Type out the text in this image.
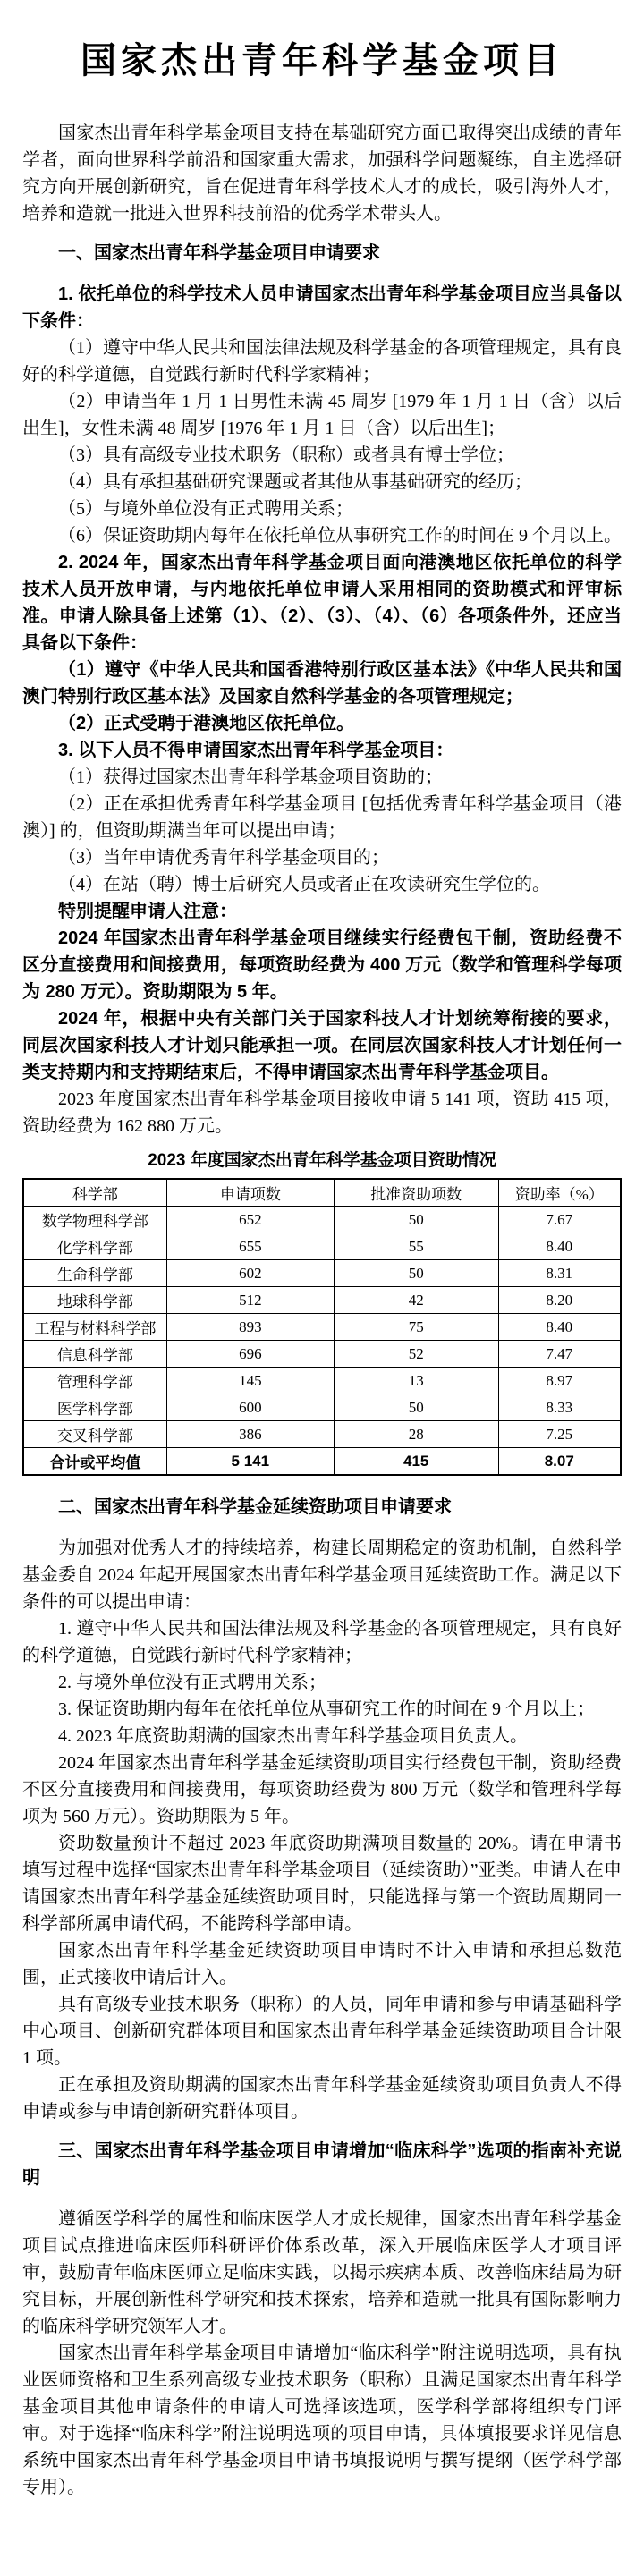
国家杰出青年科学基金项目

国家杰出青年科学基金项目支持在基础研究方面已取得突出成绩的青年学者，面向世界科学前沿和国家重大需求，加强科学问题凝练，自主选择研究方向开展创新研究，旨在促进青年科学技术人才的成长，吸引海外人才，培养和造就一批进入世界科技前沿的优秀学术带头人。

一、国家杰出青年科学基金项目申请要求

1. 依托单位的科学技术人员申请国家杰出青年科学基金项目应当具备以下条件：

（1）遵守中华人民共和国法律法规及科学基金的各项管理规定，具有良好的科学道德，自觉践行新时代科学家精神；

（2）申请当年 1 月 1 日男性未满 45 周岁 [1979 年 1 月 1 日（含）以后出生]，女性未满 48 周岁 [1976 年 1 月 1 日（含）以后出生]；

（3）具有高级专业技术职务（职称）或者具有博士学位；

（4）具有承担基础研究课题或者其他从事基础研究的经历；

（5）与境外单位没有正式聘用关系；

（6）保证资助期内每年在依托单位从事研究工作的时间在 9 个月以上。

2. 2024 年，国家杰出青年科学基金项目面向港澳地区依托单位的科学技术人员开放申请，与内地依托单位申请人采用相同的资助模式和评审标准。申请人除具备上述第（1）、（2）、（3）、（4）、（6）各项条件外，还应当具备以下条件：

（1）遵守《中华人民共和国香港特别行政区基本法》《中华人民共和国澳门特别行政区基本法》及国家自然科学基金的各项管理规定；

（2）正式受聘于港澳地区依托单位。

3. 以下人员不得申请国家杰出青年科学基金项目：

（1）获得过国家杰出青年科学基金项目资助的；

（2）正在承担优秀青年科学基金项目 [包括优秀青年科学基金项目（港澳）] 的，但资助期满当年可以提出申请；

（3）当年申请优秀青年科学基金项目的；

（4）在站（聘）博士后研究人员或者正在攻读研究生学位的。

特别提醒申请人注意：

2024 年国家杰出青年科学基金项目继续实行经费包干制，资助经费不区分直接费用和间接费用，每项资助经费为 400 万元（数学和管理科学每项为 280 万元）。资助期限为 5 年。

2024 年，根据中央有关部门关于国家科技人才计划统筹衔接的要求，同层次国家科技人才计划只能承担一项。在同层次国家科技人才计划任何一类支持期内和支持期结束后，不得申请国家杰出青年科学基金项目。

2023 年度国家杰出青年科学基金项目接收申请 5 141 项，资助 415 项，资助经费为 162 880 万元。

2023 年度国家杰出青年科学基金项目资助情况
科学部	申请项数	批准资助项数	资助率（%）
数学物理科学部	652	50	7.67
化学科学部	655	55	8.40
生命科学部	602	50	8.31
地球科学部	512	42	8.20
工程与材料科学部	893	75	8.40
信息科学部	696	52	7.47
管理科学部	145	13	8.97
医学科学部	600	50	8.33
交叉科学部	386	28	7.25
合计或平均值	5 141	415	8.07
二、国家杰出青年科学基金延续资助项目申请要求

为加强对优秀人才的持续培养，构建长周期稳定的资助机制，自然科学基金委自 2024 年起开展国家杰出青年科学基金项目延续资助工作。满足以下条件的可以提出申请：

1. 遵守中华人民共和国法律法规及科学基金的各项管理规定，具有良好的科学道德，自觉践行新时代科学家精神；

2. 与境外单位没有正式聘用关系；

3. 保证资助期内每年在依托单位从事研究工作的时间在 9 个月以上；

4. 2023 年底资助期满的国家杰出青年科学基金项目负责人。

2024 年国家杰出青年科学基金延续资助项目实行经费包干制，资助经费不区分直接费用和间接费用，每项资助经费为 800 万元（数学和管理科学每项为 560 万元）。资助期限为 5 年。

资助数量预计不超过 2023 年底资助期满项目数量的 20%。请在申请书填写过程中选择“国家杰出青年科学基金项目（延续资助）”亚类。申请人在申请国家杰出青年科学基金延续资助项目时，只能选择与第一个资助周期同一科学部所属申请代码，不能跨科学部申请。

国家杰出青年科学基金延续资助项目申请时不计入申请和承担总数范围，正式接收申请后计入。

具有高级专业技术职务（职称）的人员，同年申请和参与申请基础科学中心项目、创新研究群体项目和国家杰出青年科学基金延续资助项目合计限 1 项。

正在承担及资助期满的国家杰出青年科学基金延续资助项目负责人不得申请或参与申请创新研究群体项目。

三、国家杰出青年科学基金项目申请增加“临床科学”选项的指南补充说明

遵循医学科学的属性和临床医学人才成长规律，国家杰出青年科学基金项目试点推进临床医师科研评价体系改革，深入开展临床医学人才项目评审，鼓励青年临床医师立足临床实践，以揭示疾病本质、改善临床结局为研究目标，开展创新性科学研究和技术探索，培养和造就一批具有国际影响力的临床科学研究领军人才。

国家杰出青年科学基金项目申请增加“临床科学”附注说明选项，具有执业医师资格和卫生系列高级专业技术职务（职称）且满足国家杰出青年科学基金项目其他申请条件的申请人可选择该选项，医学科学部将组织专门评审。对于选择“临床科学”附注说明选项的项目申请，具体填报要求详见信息系统中国家杰出青年科学基金项目申请书填报说明与撰写提纲（医学科学部专用）。
